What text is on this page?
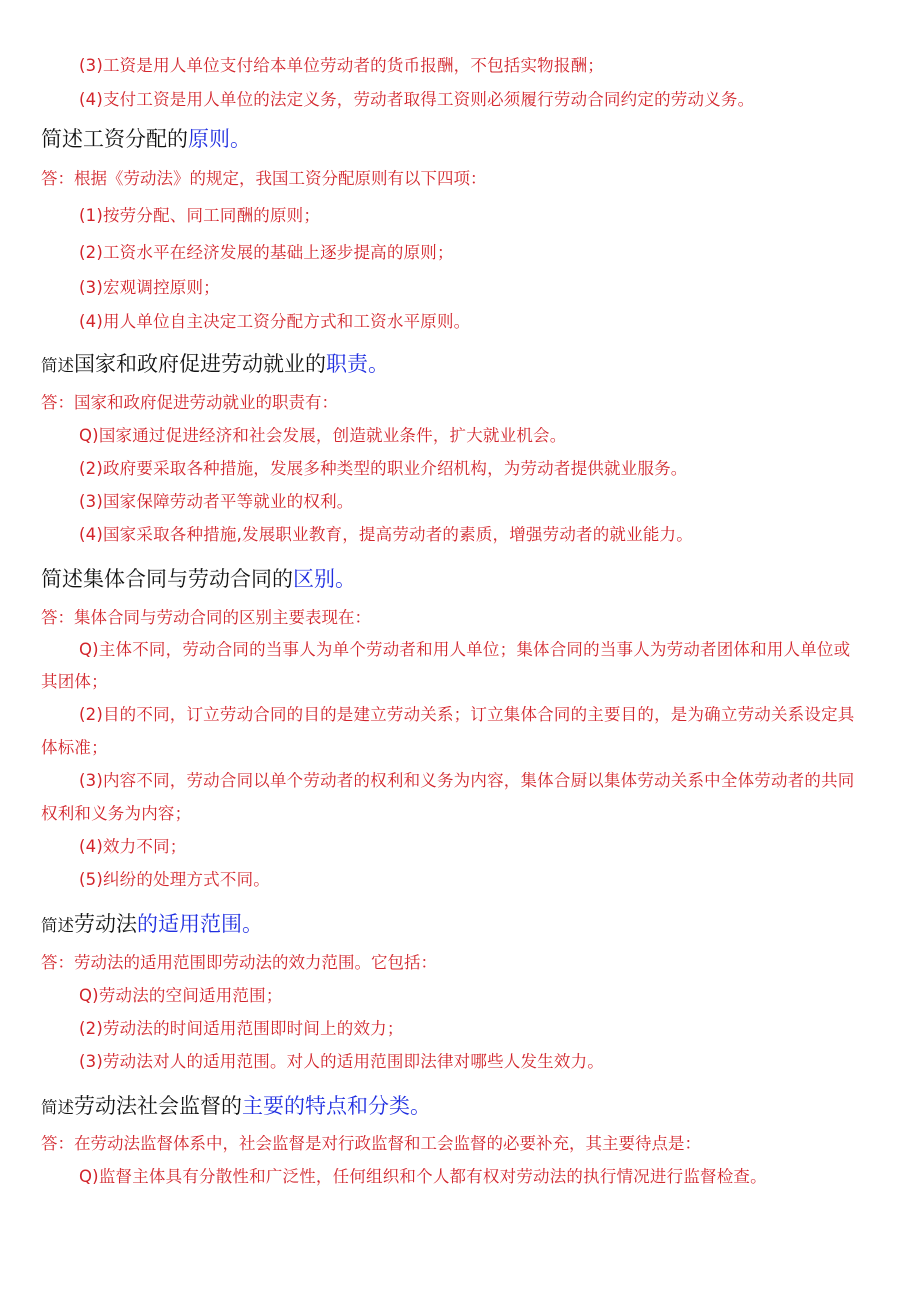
(3)工资是用人单位支付给本单位劳动者的货币报酬，不包括实物报酬；
(4)支付工资是用人单位的法定义务，劳动者取得工资则必须履行劳动合同约定的劳动义务。
简述工资分配的原则。
答：根据《劳动法》的规定，我国工资分配原则有以下四项：
(1)按劳分配、同工同酬的原则；
(2)工资水平在经济发展的基础上逐步提高的原则；
(3)宏观调控原则；
(4)用人单位自主决定工资分配方式和工资水平原则。
简述国家和政府促进劳动就业的职责。
答：国家和政府促进劳动就业的职责有：
Q)国家通过促进经济和社会发展，创造就业条件，扩大就业机会。
(2)政府要采取各种措施，发展多种类型的职业介绍机构，为劳动者提供就业服务。
(3)国家保障劳动者平等就业的权利。
(4)国家采取各种措施,发展职业教育，提高劳动者的素质，增强劳动者的就业能力。
简述集体合同与劳动合同的区别。
答：集体合同与劳动合同的区别主要表现在：
Q)主体不同，劳动合同的当事人为单个劳动者和用人单位；集体合同的当事人为劳动者团体和用人单位或
其团体；
(2)目的不同，订立劳动合同的目的是建立劳动关系；订立集体合同的主要目的，是为确立劳动关系设定具
体标准；
(3)内容不同，劳动合同以单个劳动者的权利和义务为内容，集体合厨以集体劳动关系中全体劳动者的共同
权利和义务为内容；
(4)效力不同；
(5)纠纷的处理方式不同。
简述劳动法的适用范围。
答：劳动法的适用范围即劳动法的效力范围。它包括：
Q)劳动法的空间适用范围；
(2)劳动法的时间适用范围即时间上的效力；
(3)劳动法对人的适用范围。对人的适用范围即法律对哪些人发生效力。
简述劳动法社会监督的主要的特点和分类。
答：在劳动法监督体系中，社会监督是对行政监督和工会监督的必要补充，其主要待点是：
Q)监督主体具有分散性和广泛性，任何组织和个人都有权对劳动法的执行情况进行监督检查。
